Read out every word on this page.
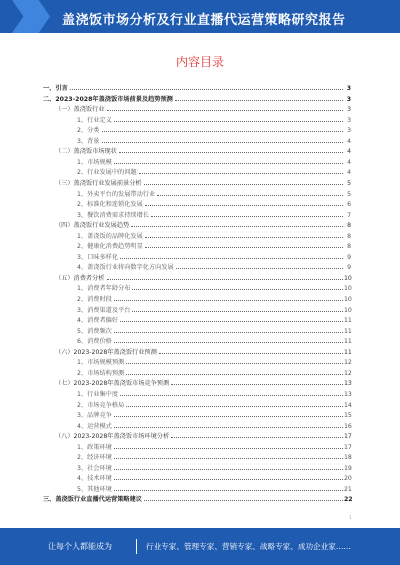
盖浇饭市场分析及行业直播代运营策略研究报告
内容目录
一、引言	3
二、2023-2028年盖浇饭市场前景及趋势预测	3
（一）盖浇饭行业	3
1、行业定义	3
2、分类	3
3、背景	4
（二）盖浇饭市场现状	4
1、市场规模	4
2、行业发展中的问题	4
（三）盖浇饭行业发展前景分析	5
1、外卖平台的发展带动行业	5
2、标准化和连锁化发展	6
3、餐饮消费需求持续增长	7
（四）盖浇饭行业发展趋势	8
1、盖浇饭的品牌化发展	8
2、健康化消费趋势明显	8
3、口味多样化	9
4、盖浇饭行业将向数字化方向发展	9
（五）消费者分析	10
1、消费者年龄分布	10
2、消费时段	10
3、消费渠道及平台	10
4、消费者偏好	11
5、消费频次	11
6、消费价格	11
（六）2023-2028年盖浇饭行业预测	11
1、市场规模预测	12
2、市场结构预测	12
（七）2023-2028年盖浇饭市场竞争预测	13
1、行业集中度	13
2、市场竞争格局	14
3、品牌竞争	15
4、运营模式	16
（八）2023-2028年盖浇饭市场环境分析	17
1、政策环境	17
2、经济环境	18
3、社会环境	19
4、技术环境	20
5、其他环境	21
三、盖浇饭行业直播代运营策略建议	22
1
让每个人都能成为	行业专家、管理专家、营销专家、战略专家、成功企业家……
